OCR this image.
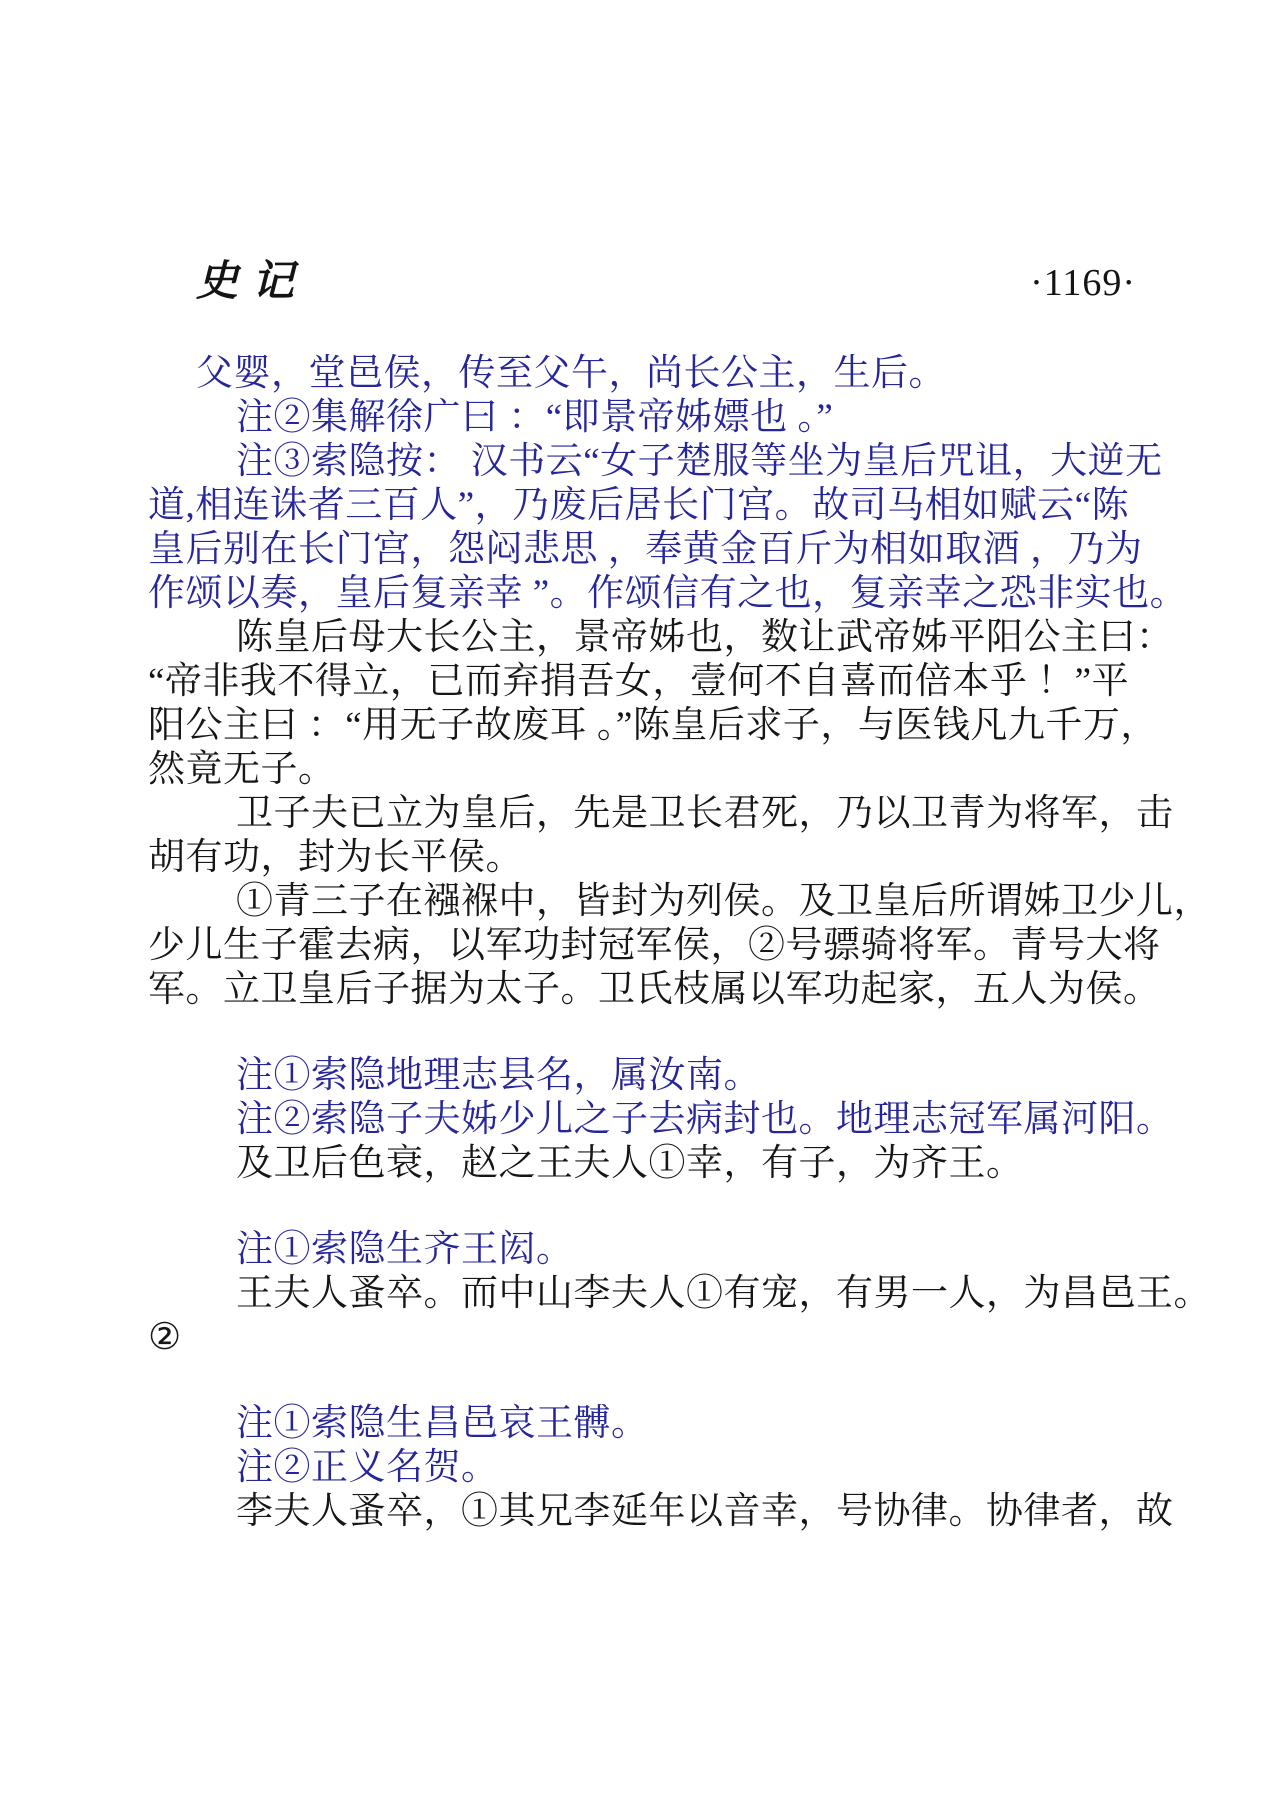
史记	·1169·
父婴，堂邑侯，传至父午，尚长公主，生后。
注②集解徐广曰 ：“即景帝姊嫖也 。”
注③索隐按： 汉书云“女子楚服等坐为皇后咒诅，大逆无
道,相连诛者三百人”，乃废后居长门宫。故司马相如赋云“陈
皇后别在长门宫，怨闷悲思 ，奉黄金百斤为相如取酒 ，乃为
作颂以奏，皇后复亲幸 ”。作颂信有之也，复亲幸之恐非实也。
陈皇后母大长公主，景帝姊也，数让武帝姊平阳公主曰：
“帝非我不得立，已而弃捐吾女，壹何不自喜而倍本乎 ！”平
阳公主曰 ：“用无子故废耳 。”陈皇后求子，与医钱凡九千万，
然竟无子。
卫子夫已立为皇后，先是卫长君死，乃以卫青为将军，击
胡有功，封为长平侯。
①青三子在襁褓中，皆封为列侯。及卫皇后所谓姊卫少儿，
少儿生子霍去病，以军功封冠军侯，②号骠骑将军。青号大将
军。立卫皇后子据为太子。卫氏枝属以军功起家，五人为侯。
注①索隐地理志县名，属汝南。
注②索隐子夫姊少儿之子去病封也。地理志冠军属河阳。
及卫后色衰，赵之王夫人①幸，有子，为齐王。
注①索隐生齐王闳。
王夫人蚤卒。而中山李夫人①有宠，有男一人，为昌邑王。
②
注①索隐生昌邑哀王髆。
注②正义名贺。
李夫人蚤卒，①其兄李延年以音幸，号协律。协律者，故
